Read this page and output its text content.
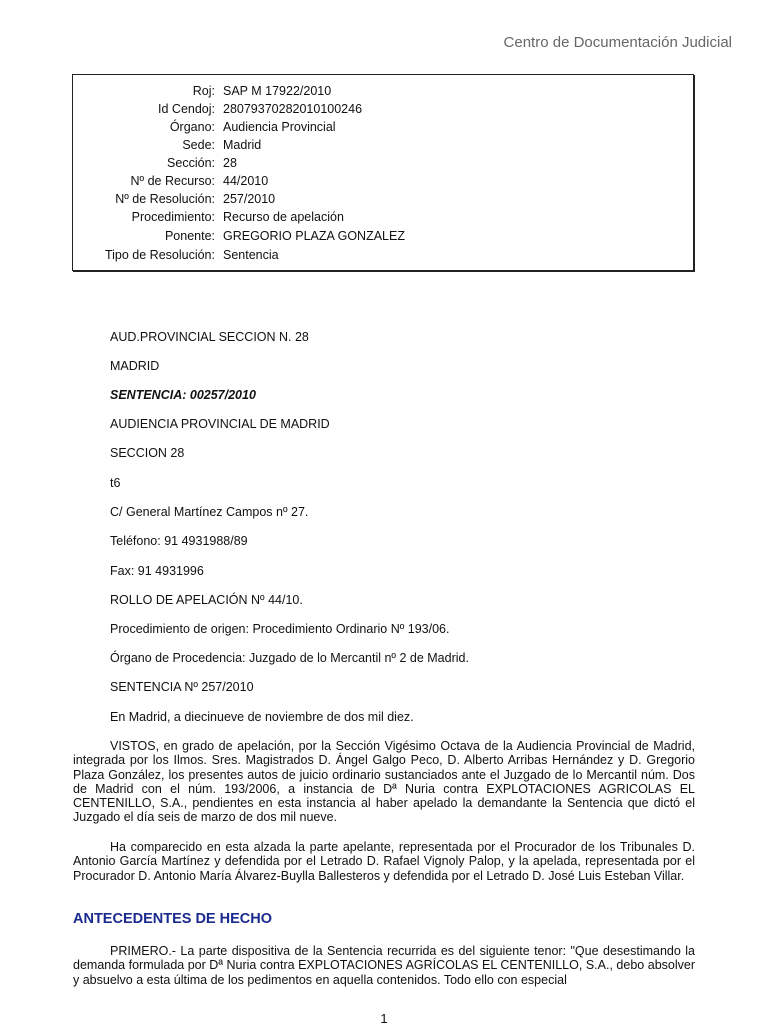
Centro de Documentación Judicial
Roj: SAP M 17922/2010
Id Cendoj: 28079370282010100246
Órgano: Audiencia Provincial
Sede: Madrid
Sección: 28
Nº de Recurso: 44/2010
Nº de Resolución: 257/2010
Procedimiento: Recurso de apelación
Ponente: GREGORIO PLAZA GONZALEZ
Tipo de Resolución: Sentencia
AUD.PROVINCIAL SECCION N. 28
MADRID
SENTENCIA: 00257/2010
AUDIENCIA PROVINCIAL DE MADRID
SECCION 28
t6
C/ General Martínez Campos nº 27.
Teléfono: 91 4931988/89
Fax: 91 4931996
ROLLO DE APELACIÓN Nº 44/10.
Procedimiento de origen: Procedimiento Ordinario Nº 193/06.
Órgano de Procedencia: Juzgado de lo Mercantil nº 2 de Madrid.
SENTENCIA Nº 257/2010
En Madrid, a diecinueve de noviembre de dos mil diez.
VISTOS, en grado de apelación, por la Sección Vigésimo Octava de la Audiencia Provincial de Madrid, integrada por los Ilmos. Sres. Magistrados D. Ángel Galgo Peco, D. Alberto Arribas Hernández y D. Gregorio Plaza González, los presentes autos de juicio ordinario sustanciados ante el Juzgado de lo Mercantil núm. Dos de Madrid con el núm. 193/2006, a instancia de Dª Nuria contra EXPLOTACIONES AGRICOLAS EL CENTENILLO, S.A., pendientes en esta instancia al haber apelado la demandante la Sentencia que dictó el Juzgado el día seis de marzo de dos mil nueve.
Ha comparecido en esta alzada la parte apelante, representada por el Procurador de los Tribunales D. Antonio García Martínez y defendida por el Letrado D. Rafael Vignoly Palop, y la apelada, representada por el Procurador D. Antonio María Álvarez-Buylla Ballesteros y defendida por el Letrado D. José Luis Esteban Villar.
ANTECEDENTES DE HECHO
PRIMERO.- La parte dispositiva de la Sentencia recurrida es del siguiente tenor: "Que desestimando la demanda formulada por Dª Nuria contra EXPLOTACIONES AGRÍCOLAS EL CENTENILLO, S.A., debo absolver y absuelvo a esta última de los pedimentos en aquella contenidos. Todo ello con especial
1
